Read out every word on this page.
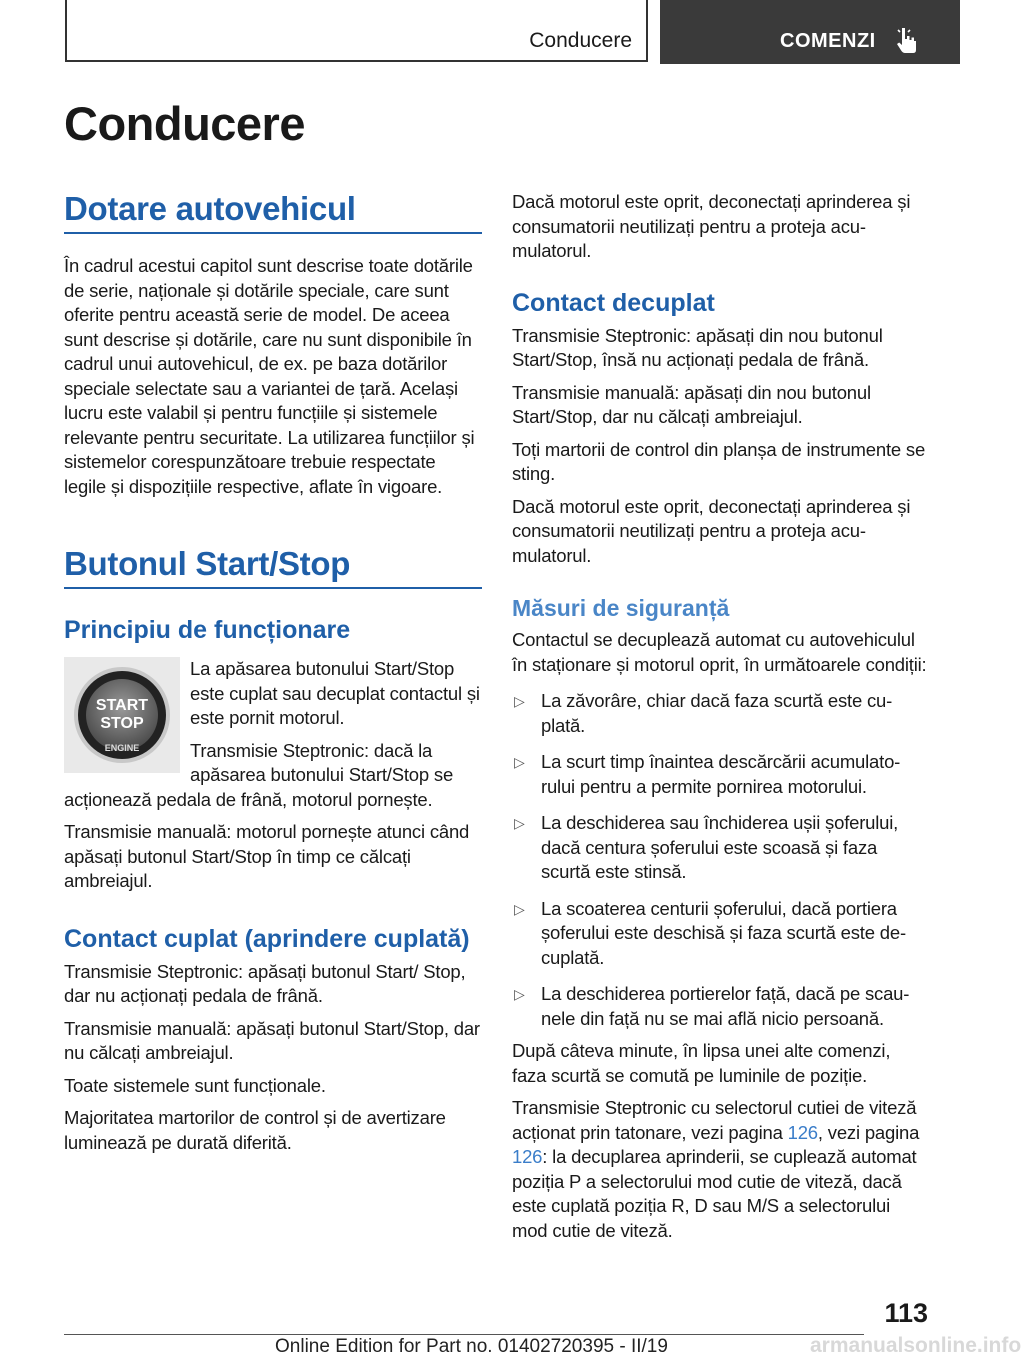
Conducere	COMENZI
Conducere
Dotare autovehicul

În cadrul acestui capitol sunt descrise toate dotările de serie, naționale și dotările speciale, care sunt oferite pentru această serie de model. De aceea sunt descrise și dotările, care nu sunt disponibile în cadrul unui autovehicul, de ex. pe baza dotărilor speciale selectate sau a variantei de țară. Același lucru este valabil și pentru funcțiile și sistemele relevante pentru securitate. La utilizarea funcțiilor și sistemelor corespunzătoare trebuie respectate legile și dispozițiile respective, aflate în vigoare.

Butonul Start/Stop
Principiu de funcționare
START
STOP
ENGINE

La apăsarea butonului Start/Stop este cuplat sau decuplat contactul și este pornit motorul.

Transmisie Steptronic: dacă la apăsarea butonului Start/Stop se acționează pedala de frână, motorul pornește.

Transmisie manuală: motorul pornește atunci când apăsați butonul Start/Stop în timp ce călcați ambreiajul.

Contact cuplat (aprindere cuplată)

Transmisie Steptronic: apăsați butonul Start/ Stop, dar nu acționați pedala de frână.

Transmisie manuală: apăsați butonul Start/Stop, dar nu călcați ambreiajul.

Toate sistemele sunt funcționale.

Majoritatea martorilor de control și de avertizare luminează pe durată diferită.

Dacă motorul este oprit, deconectați aprinderea și consumatorii neutilizați pentru a proteja acumulatorul.

Contact decuplat

Transmisie Steptronic: apăsați din nou butonul Start/Stop, însă nu acționați pedala de frână.

Transmisie manuală: apăsați din nou butonul Start/Stop, dar nu călcați ambreiajul.

Toți martorii de control din planșa de instrumente se sting.

Dacă motorul este oprit, deconectați aprinderea și consumatorii neutilizați pentru a proteja acumulatorul.

Măsuri de siguranță

Contactul se decuplează automat cu autovehiculul în staționare și motorul oprit, în următoarele condiții:

▷ La zăvorâre, chiar dacă faza scurtă este cuplată.
▷ La scurt timp înaintea descărcării acumulatorului pentru a permite pornirea motorului.
▷ La deschiderea sau închiderea ușii șoferului, dacă centura șoferului este scoasă și faza scurtă este stinsă.
▷ La scoaterea centurii șoferului, dacă portiera șoferului este deschisă și faza scurtă este decuplată.
▷ La deschiderea portierelor față, dacă pe scaunele din față nu se mai află nicio persoană.

După câteva minute, în lipsa unei alte comenzi, faza scurtă se comută pe luminile de poziție.

Transmisie Steptronic cu selectorul cutiei de viteză acționat prin tatonare, vezi pagina 126, vezi pagina 126: la decuplarea aprinderii, se cuplează automat poziția P a selectorului mod cutie de viteză, dacă este cuplată poziția R, D sau M/S a selectorului mod cutie de viteză.

113
Online Edition for Part no. 01402720395 - II/19	armanualsonline.info
